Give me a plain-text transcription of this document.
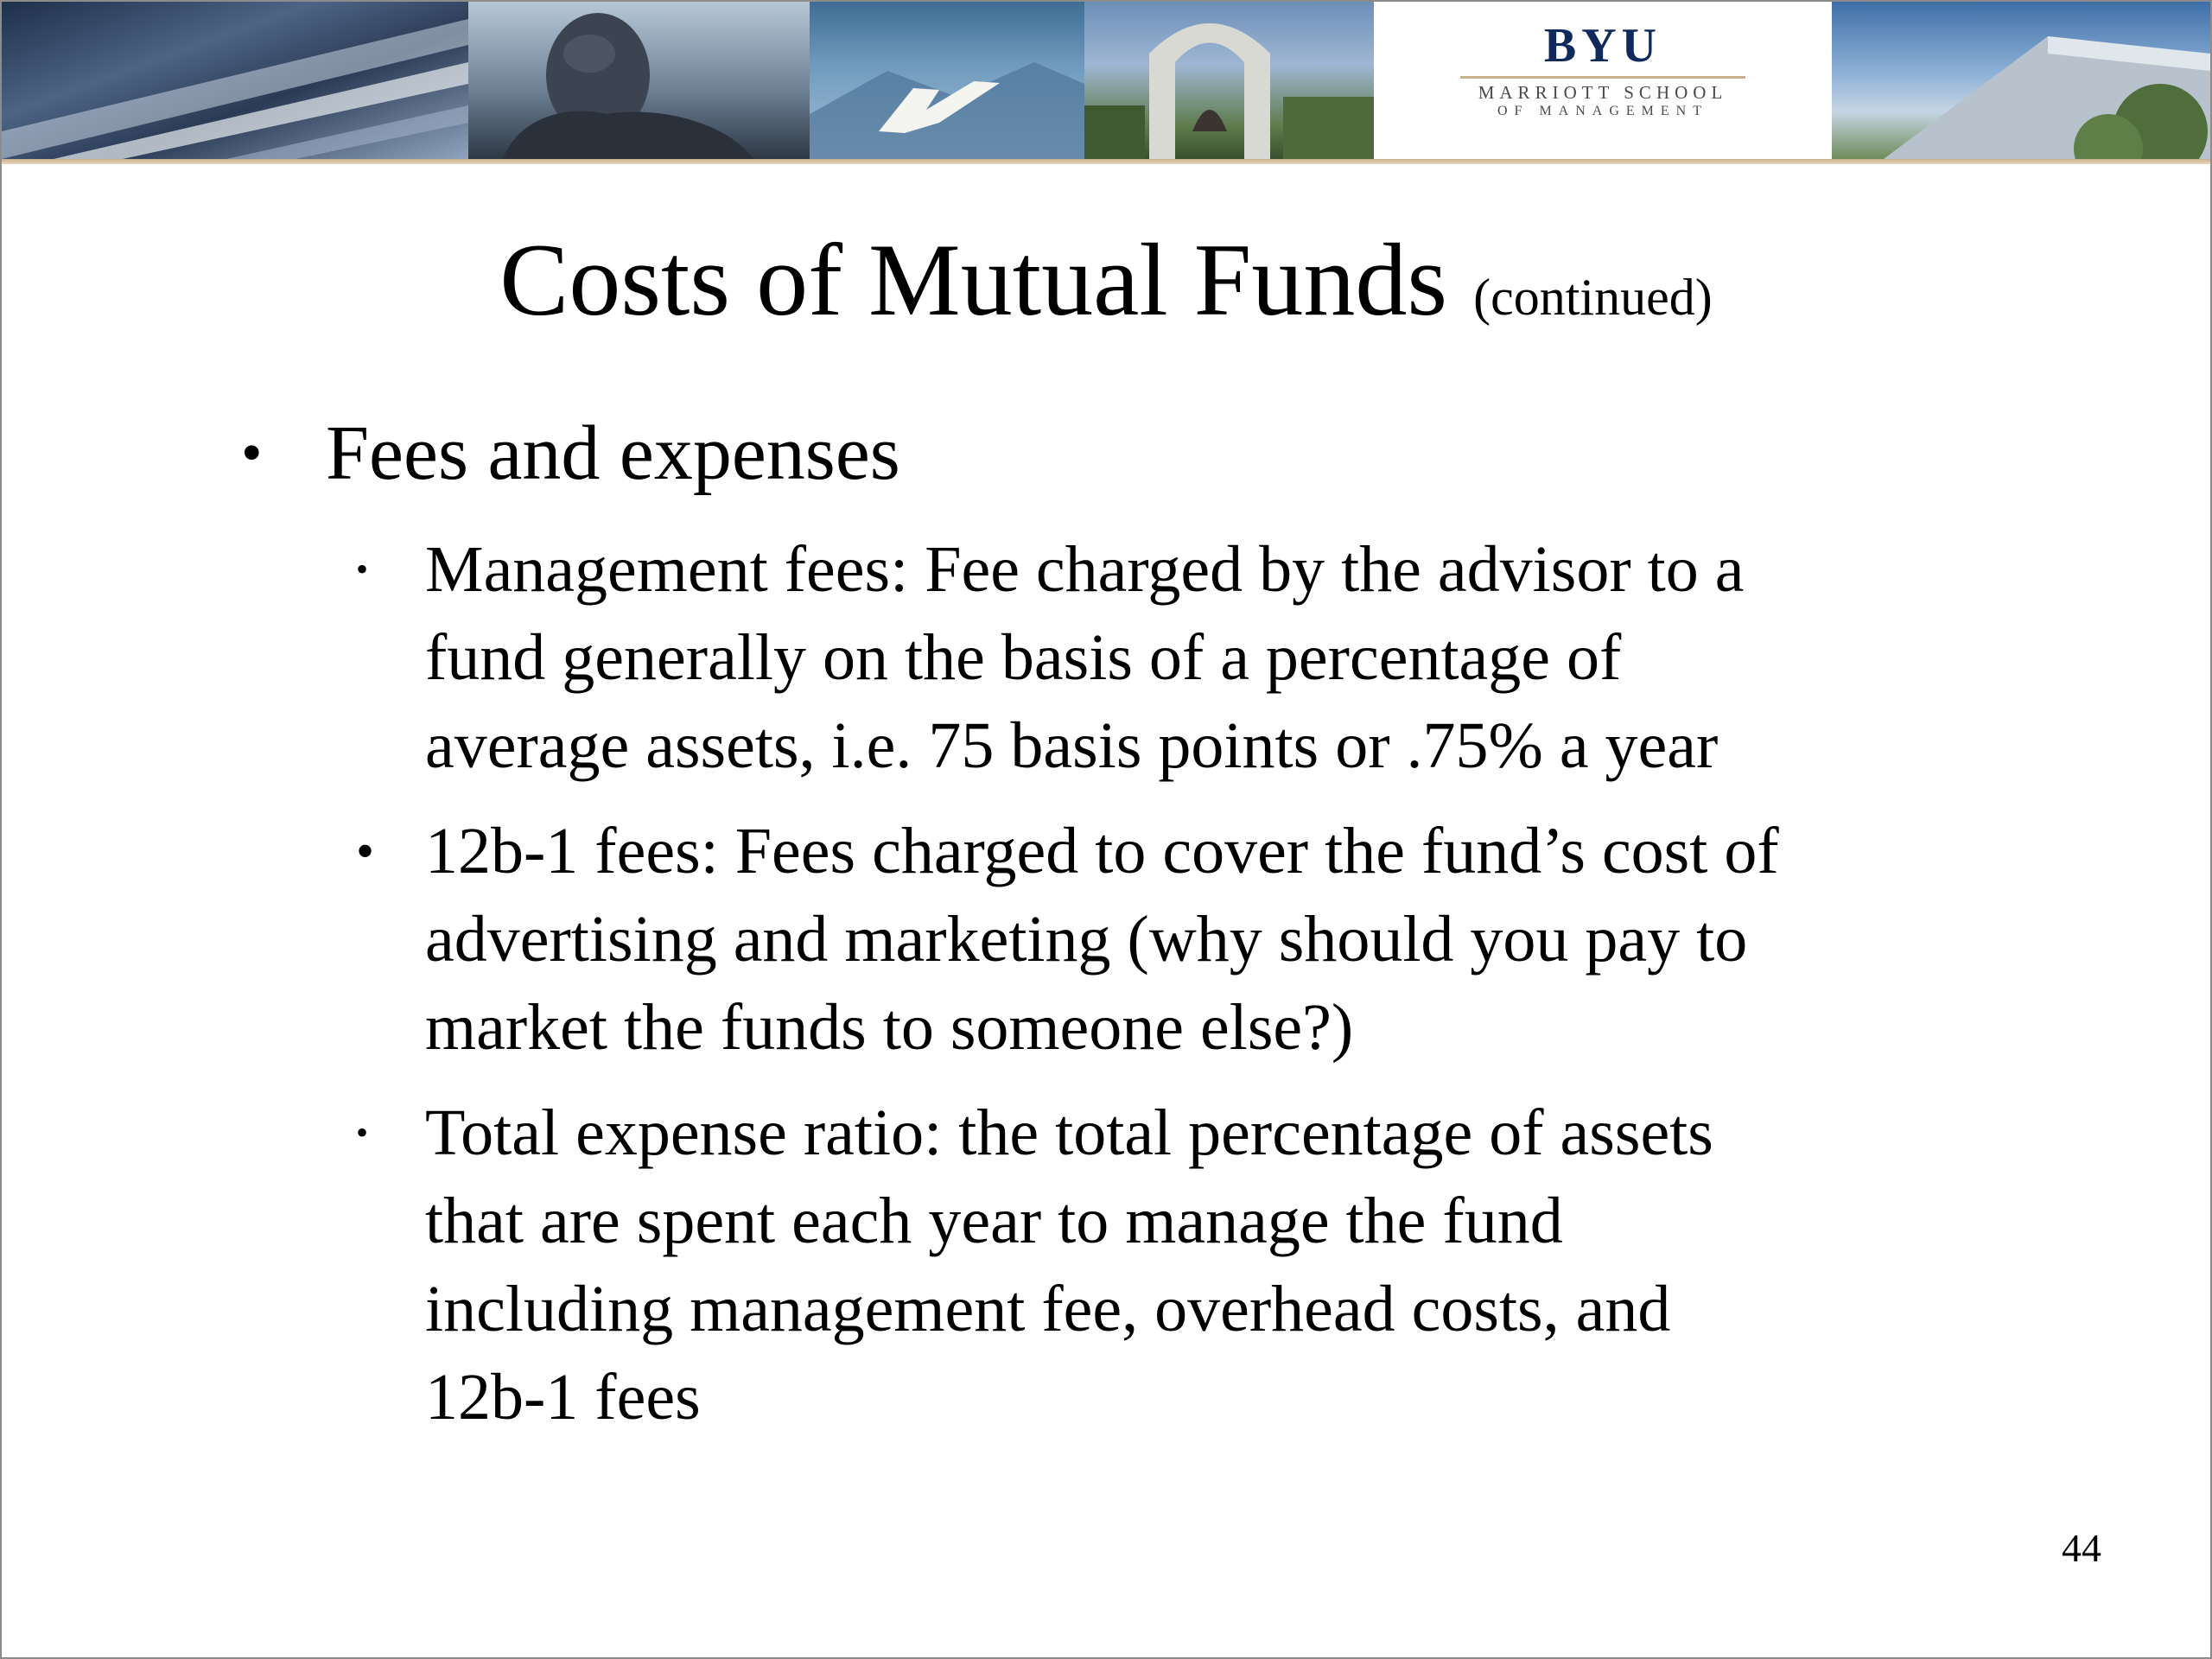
BYU
MARRIOTT SCHOOL
OF MANAGEMENT
Costs of Mutual Funds (continued)
• Fees and expenses
• Management fees: Fee charged by the advisor to a
fund generally on the basis of a percentage of
average assets, i.e. 75 basis points or .75% a year
• 12b-1 fees: Fees charged to cover the fund’s cost of
advertising and marketing (why should you pay to
market the funds to someone else?)
• Total expense ratio: the total percentage of assets
that are spent each year to manage the fund
including management fee, overhead costs, and
12b-1 fees
44
